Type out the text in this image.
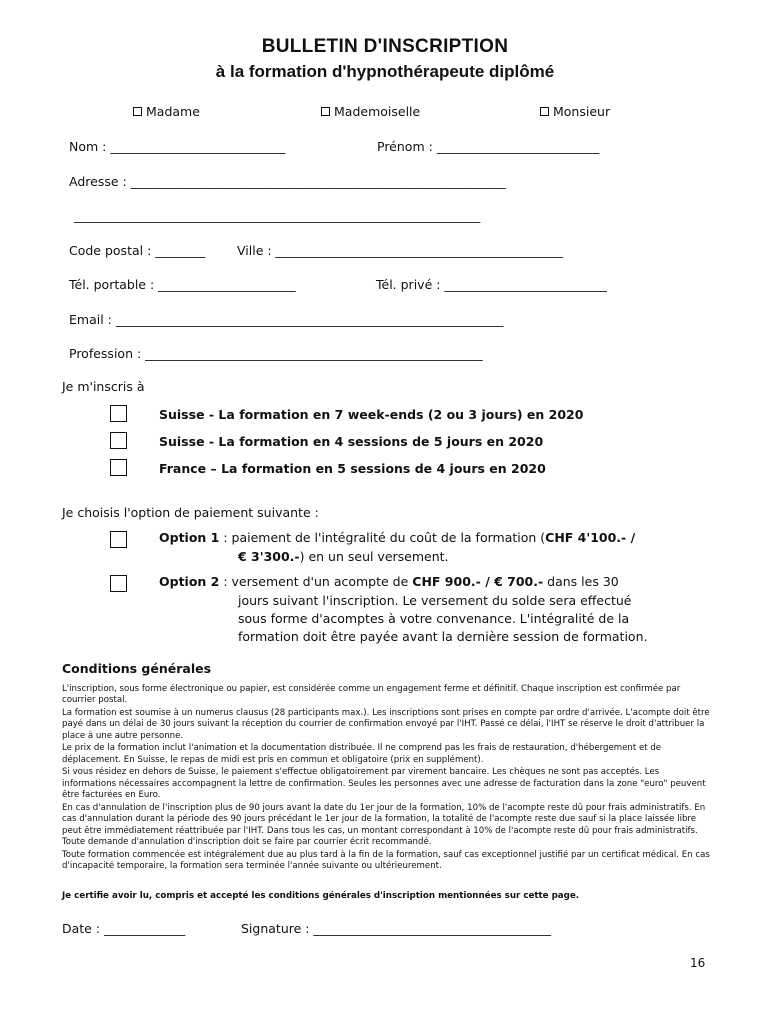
BULLETIN D'INSCRIPTION
à la formation d'hypnothérapeute diplômé
Madame	Mademoiselle	Monsieur
Nom : ____________________________	Prénom : __________________________
Adresse : ____________________________________________________________
_________________________________________________________________
Code postal : ________	Ville : ______________________________________________
Tél. portable : ______________________	Tél. privé : __________________________
Email : ______________________________________________________________
Profession : ______________________________________________________
Je m'inscris à
Suisse - La formation en 7 week-ends (2 ou 3 jours) en 2020
Suisse - La formation en 4 sessions de 5 jours en 2020
France – La formation en 5 sessions de 4 jours en 2020
Je choisis l'option de paiement suivante :
Option 1 : paiement de l'intégralité du coût de la formation (CHF 4'100.- /
€ 3'300.-) en un seul versement.
Option 2 : versement d'un acompte de CHF 900.- / € 700.- dans les 30
jours suivant l'inscription. Le versement du solde sera effectué
sous forme d'acomptes à votre convenance. L'intégralité de la
formation doit être payée avant la dernière session de formation.
Conditions générales

L'inscription, sous forme électronique ou papier, est considérée comme un engagement ferme et définitif. Chaque inscription est confirmée par courrier postal.

La formation est soumise à un numerus clausus (28 participants max.). Les inscriptions sont prises en compte par ordre d'arrivée. L'acompte doit être payé dans un délai de 30 jours suivant la réception du courrier de confirmation envoyé par l'IHT. Passé ce délai, l'IHT se réserve le droit d'attribuer la place à une autre personne.

Le prix de la formation inclut l'animation et la documentation distribuée. Il ne comprend pas les frais de restauration, d'hébergement et de déplacement. En Suisse, le repas de midi est pris en commun et obligatoire (prix en supplément).

Si vous résidez en dehors de Suisse, le paiement s'effectue obligatoirement par virement bancaire. Les chèques ne sont pas acceptés. Les informations nécessaires accompagnent la lettre de confirmation. Seules les personnes avec une adresse de facturation dans la zone "euro" peuvent être facturées en Euro.

En cas d'annulation de l'inscription plus de 90 jours avant la date du 1er jour de la formation, 10% de l'acompte reste dû pour frais administratifs. En cas d'annulation durant la période des 90 jours précédant le 1er jour de la formation, la totalité de l'acompte reste due sauf si la place laissée libre peut être immédiatement réattribuée par l'IHT. Dans tous les cas, un montant correspondant à 10% de l'acompte reste dû pour frais administratifs. Toute demande d'annulation d'inscription doit se faire par courrier écrit recommandé.

Toute formation commencée est intégralement due au plus tard à la fin de la formation, sauf cas exceptionnel justifié par un certificat médical. En cas d'incapacité temporaire, la formation sera terminée l'année suivante ou ultérieurement.

Je certifie avoir lu, compris et accepté les conditions générales d'inscription mentionnées sur cette page.
Date : _____________	Signature : ______________________________________
16
